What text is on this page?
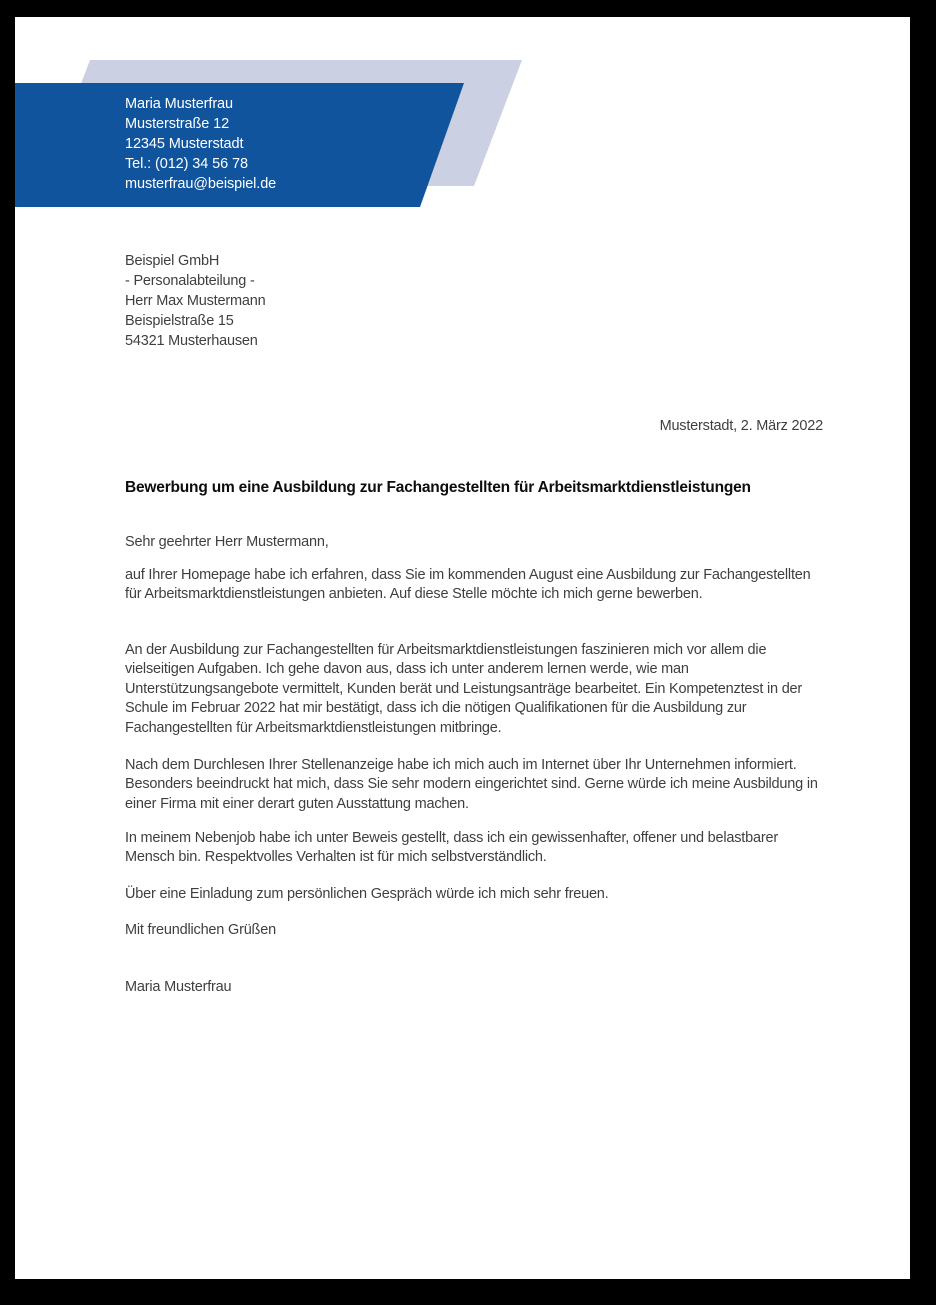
Maria Musterfrau
Musterstraße 12
12345 Musterstadt
Tel.: (012) 34 56 78
musterfrau@beispiel.de
Beispiel GmbH
- Personalabteilung -
Herr Max Mustermann
Beispielstraße 15
54321 Musterhausen
Musterstadt, 2. März 2022
Bewerbung um eine Ausbildung zur Fachangestellten für Arbeitsmarktdienstleistungen
Sehr geehrter Herr Mustermann,
auf Ihrer Homepage habe ich erfahren, dass Sie im kommenden August eine Ausbildung zur Fachangestellten für Arbeitsmarktdienstleistungen anbieten. Auf diese Stelle möchte ich mich gerne bewerben.
An der Ausbildung zur Fachangestellten für Arbeitsmarktdienstleistungen faszinieren mich vor allem die vielseitigen Aufgaben. Ich gehe davon aus, dass ich unter anderem lernen werde, wie man Unterstützungsangebote vermittelt, Kunden berät und Leistungsanträge bearbeitet. Ein Kompetenztest in der Schule im Februar 2022 hat mir bestätigt, dass ich die nötigen Qualifikationen für die Ausbildung zur Fachangestellten für Arbeitsmarktdienstleistungen mitbringe.
Nach dem Durchlesen Ihrer Stellenanzeige habe ich mich auch im Internet über Ihr Unternehmen informiert. Besonders beeindruckt hat mich, dass Sie sehr modern eingerichtet sind. Gerne würde ich meine Ausbildung in einer Firma mit einer derart guten Ausstattung machen.
In meinem Nebenjob habe ich unter Beweis gestellt, dass ich ein gewissenhafter, offener und belastbarer Mensch bin. Respektvolles Verhalten ist für mich selbstverständlich.
Über eine Einladung zum persönlichen Gespräch würde ich mich sehr freuen.
Mit freundlichen Grüßen
Maria Musterfrau
